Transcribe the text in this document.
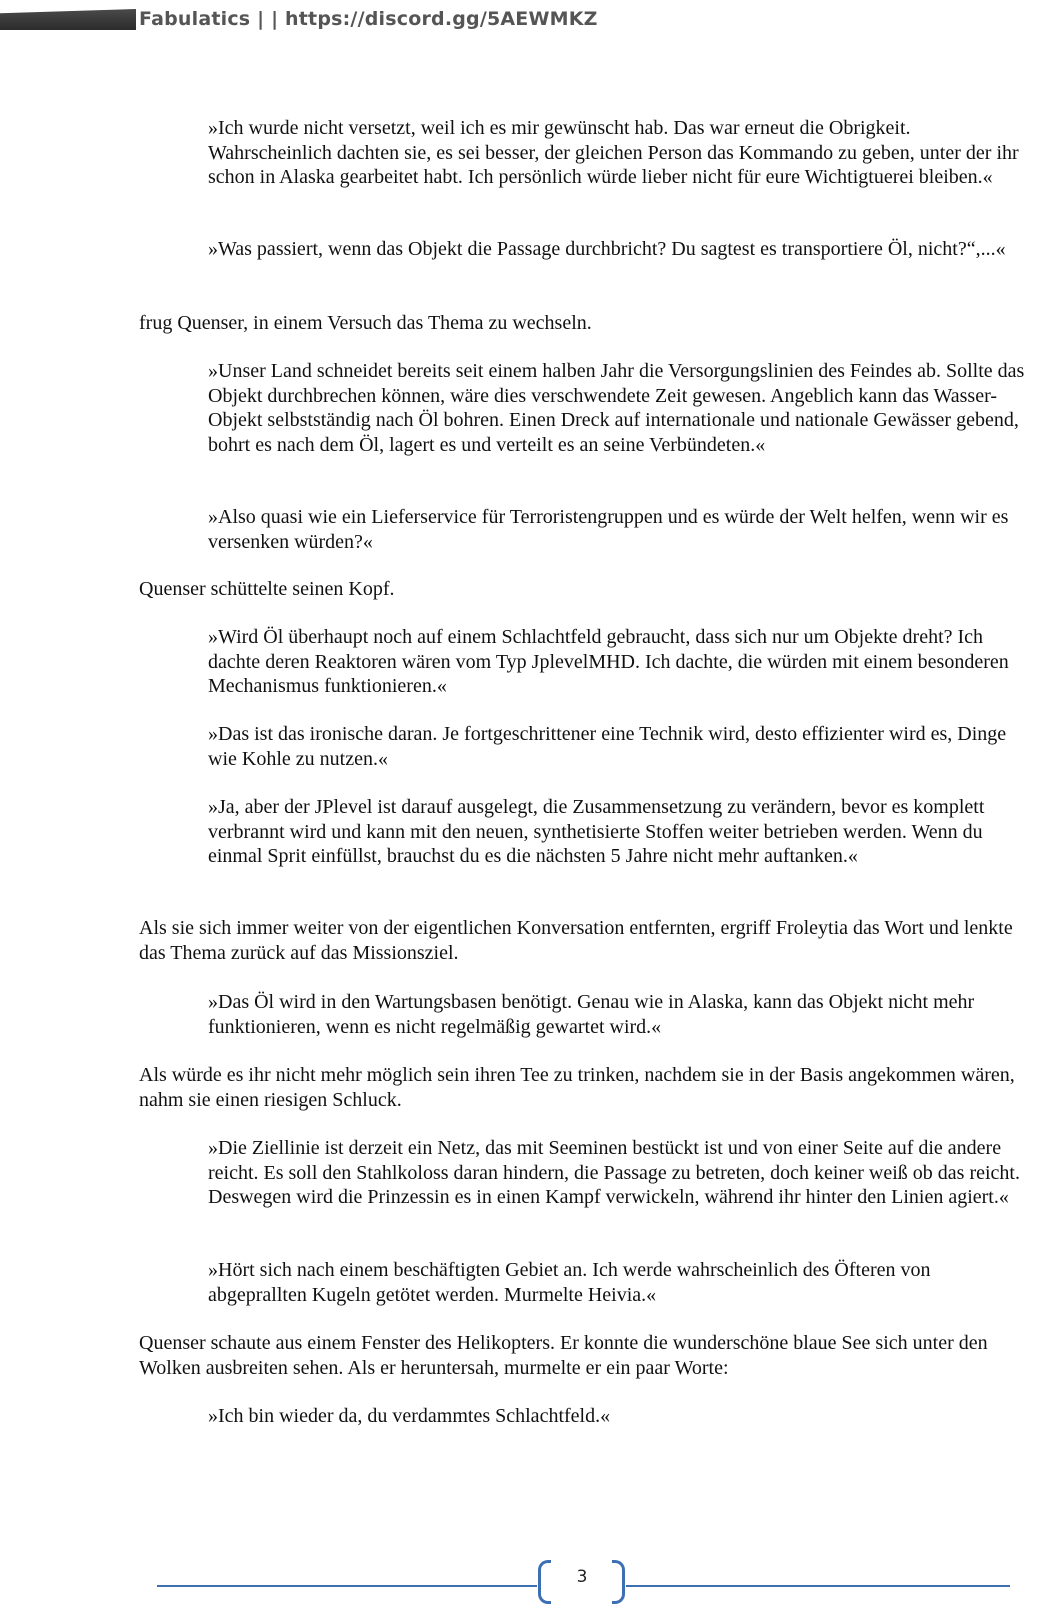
Fabulatics | | https://discord.gg/5AEWMKZ

»Ich wurde nicht versetzt, weil ich es mir gewünscht hab. Das war erneut die Obrigkeit. Wahrscheinlich dachten sie, es sei besser, der gleichen Person das Kommando zu geben, unter der ihr schon in Alaska gearbeitet habt. Ich persönlich würde lieber nicht für eure Wichtigtuerei bleiben.«

»Was passiert, wenn das Objekt die Passage durchbricht? Du sagtest es transportiere Öl, nicht?“,...«

frug Quenser, in einem Versuch das Thema zu wechseln.

»Unser Land schneidet bereits seit einem halben Jahr die Versorgungslinien des Feindes ab. Sollte das Objekt durchbrechen können, wäre dies verschwendete Zeit gewesen. Angeblich kann das Wasser-Objekt selbstständig nach Öl bohren. Einen Dreck auf internationale und nationale Gewässer gebend, bohrt es nach dem Öl, lagert es und verteilt es an seine Verbündeten.«

»Also quasi wie ein Lieferservice für Terroristengruppen und es würde der Welt helfen, wenn wir es versenken würden?«

Quenser schüttelte seinen Kopf.

»Wird Öl überhaupt noch auf einem Schlachtfeld gebraucht, dass sich nur um Objekte dreht? Ich dachte deren Reaktoren wären vom Typ JplevelMHD. Ich dachte, die würden mit einem besonderen Mechanismus funktionieren.«

»Das ist das ironische daran. Je fortgeschrittener eine Technik wird, desto effizienter wird es, Dinge wie Kohle zu nutzen.«

»Ja, aber der JPlevel ist darauf ausgelegt, die Zusammensetzung zu verändern, bevor es komplett verbrannt wird und kann mit den neuen, synthetisierte Stoffen weiter betrieben werden. Wenn du einmal Sprit einfüllst, brauchst du es die nächsten 5 Jahre nicht mehr auftanken.«

Als sie sich immer weiter von der eigentlichen Konversation entfernten, ergriff Froleytia das Wort und lenkte das Thema zurück auf das Missionsziel.

»Das Öl wird in den Wartungsbasen benötigt. Genau wie in Alaska, kann das Objekt nicht mehr funktionieren, wenn es nicht regelmäßig gewartet wird.«

Als würde es ihr nicht mehr möglich sein ihren Tee zu trinken, nachdem sie in der Basis angekommen wären, nahm sie einen riesigen Schluck.

»Die Ziellinie ist derzeit ein Netz, das mit Seeminen bestückt ist und von einer Seite auf die andere reicht. Es soll den Stahlkoloss daran hindern, die Passage zu betreten, doch keiner weiß ob das reicht. Deswegen wird die Prinzessin es in einen Kampf verwickeln, während ihr hinter den Linien agiert.«

»Hört sich nach einem beschäftigten Gebiet an. Ich werde wahrscheinlich des Öfteren von abgeprallten Kugeln getötet werden. Murmelte Heivia.«

Quenser schaute aus einem Fenster des Helikopters. Er konnte die wunderschöne blaue See sich unter den Wolken ausbreiten sehen. Als er heruntersah, murmelte er ein paar Worte:

»Ich bin wieder da, du verdammtes Schlachtfeld.«

3
